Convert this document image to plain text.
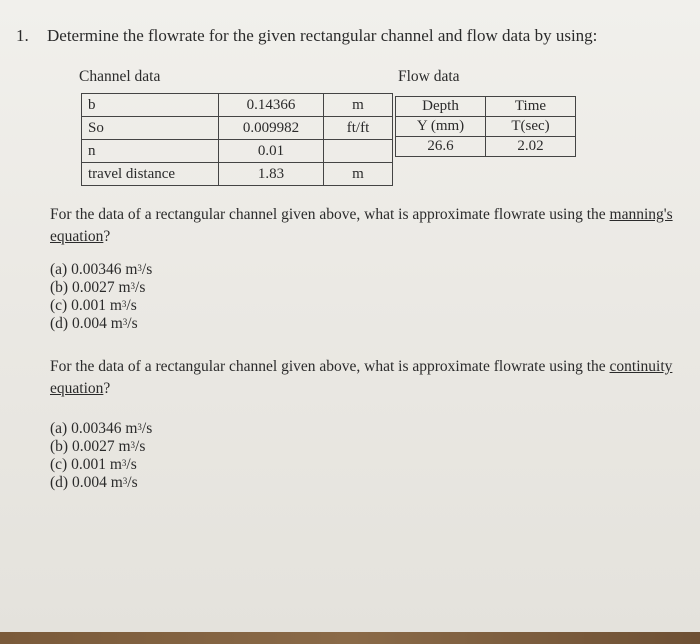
1. Determine the flowrate for the given rectangular channel and flow data by using:
Channel data	Flow data
b	0.14366	m
So	0.009982	ft/ft
n	0.01	
travel distance	1.83	m
Depth	Time
Y (mm)	T(sec)
26.6	2.02
For the data of a rectangular channel given above, what is approximate flowrate using the manning's equation?
(a) 0.00346 $m^3/s$
(b) 0.0027 $m^3/s$
(c) 0.001 $m^3/s$
(d) 0.004 $m^3/s$
For the data of a rectangular channel given above, what is approximate flowrate using the continuity equation?
(a) 0.00346 $m^3/s$
(b) 0.0027 $m^3/s$
(c) 0.001 $m^3/s$
(d) 0.004 $m^3/s$
